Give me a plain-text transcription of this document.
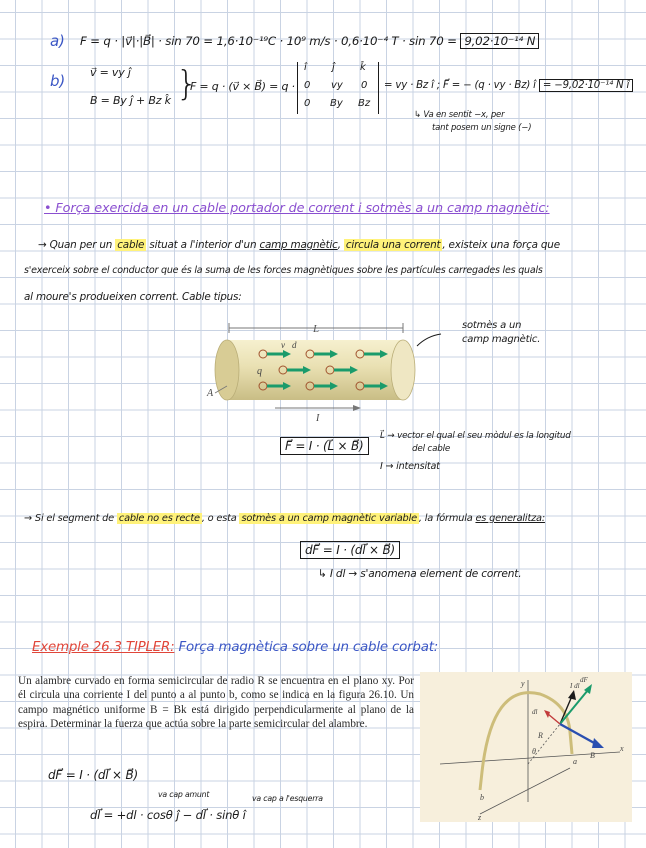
a) F = q · |v⃗|·|B⃗| · sin 70 = 1,6·10⁻¹⁹C · 10⁹ m/s · 0,6·10⁻⁴ T · sin 70 = 9,02·10⁻¹⁴ N
b) v⃗ = vy ĵ
B = By ĵ + Bz k̂ }
F = q · (v⃗ × B⃗) = q ·
î	ĵ	k̂
0 vy 0
0 By Bz
= vy · Bz î ; F⃗ = − (q · vy · Bz) î = −9,02·10⁻¹⁴ N î
↳ Va en sentit −x, per
tant posem un signe (−)
• Força exercida en un cable portador de corrent i sotmès a un camp magnètic:
→ Quan per un cable situat a l'interior d'un camp magnètic, circula una corrent , existeix una força que
s'exerceix sobre el conductor que és la suma de les forces magnètiques sobre les partícules carregades les quals
al moure's produeixen corrent. Cable tipus:
L
v⃗d
q
A
I
sotmès a un
camp magnètic.
F⃗ = I · (L⃗ × B⃗)
L⃗ → vector el qual el seu mòdul es la longitud
del cable
I → intensitat
→ Si el segment de cable no es recte , o esta sotmès a un camp magnètic variable , la fórmula es generalitza:
dF⃗ = I · (dl⃗ × B⃗)
↳ I dl → s'anomena element de corrent.
Exemple 26.3 TIPLER: Força magnètica sobre un cable corbat:
Un alambre curvado en forma semicircular de radio R se encuentra en el plano xy. Por él circula una corriente I del punto a al punto b, como se indica en la figura 26.10. Un campo magnético uniforme B = Bk está dirigido perpendicularmente al plano de la espira. Determinar la fuerza que actúa sobre la parte semicircular del alambre.
dF⃗ = I · (dl⃗ × B⃗)
va cap amunt	va cap a l'esquerra
dl⃗ = +dl · cosθ ĵ − dl⃗ · sinθ î
y
x
z
a
b
R
θ	B⃗
dF⃗
dl⃗
I dl⃗
